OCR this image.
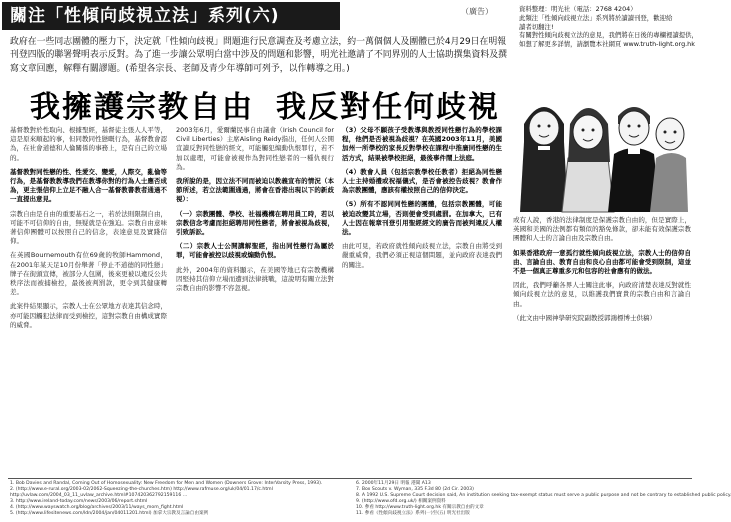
關注「性傾向歧視立法」系列(六)	（廣告）	資料整理：明光社（電話：2768 4204）
此類注「性傾向歧視立法」系列將於讀讀刊登，歡迎給
讀者切翻注!
有關對性傾向歧視立法的意見，我們將在日後的專欄裡讀提供，
如想了解更多詳情，請瀏覽本社網頁 www.truth-light.org.hk
政府在一些同志團體的壓力下，決定就「性傾向歧視」問題進行民意調查及考慮立法，約一萬個個人及團體已於4月29日在明報刊登四版的聯署聲明表示反對。為了進一步讓公眾明白當中涉及的問題和影響，明光社邀請了不同界別的人士協助撰集資料及撰寫文章回應，解釋有關謬題。(希望各宗長、老師及青少年導師可列予，以作轉導之用。)
我擁護宗教自由 我反對任何歧視

基督教對於性取向、根據聖經，基督徒主張人人平等，這是原來順起的事，但同教同性戀嘅行為，基督教會認為，在社會道德和人倫關係的事務上，是有自己的立場的。

基督教對同性戀的性、性愛交、變愛，人際交，亂倫等行為，是基督教教導我們在教導你對的行為人士應否成為，更主張信仰上立足不融人合一基督教書教者通過不一直提出意見。

宗教自由是自由的重要基石之一，若於法則限制自由，可能不可信仰的自由，無疑就是在強迫。宗教自由意味著信仰團體可以按照自己的信念，表達意見及實踐信仰。

在英國Bournemouth有位69歲的牧師Hammond，在2001年某天足10月份舉著「停止不道德的同性戀」牌子在街頭宣傳，被部分人包圍，後來更被以違反公共秩序法而被捕檢控，最後被判罰款，更令到其健康轉差。

此案件結果顯示，宗教人士在公眾地方表達其信念時，亦可能因觸犯法律而受到檢控，這對宗教自由構成實際的威脅。

2003年6月，愛爾蘭民事自由議會（Irish Council for Civil Liberties）主席Aisling Reidy指出，任何人公開宣讀反對同性戀的經文，可能觸犯煽動仇恨罪行，若不加以處理，可能會被視作為對同性戀者的一種仇視行為。

我所說的是，因立法不同而被迫以教義宣布的情況（本節所述，若立法範圍通過，將會在香港出現以下的新歧視）：

（一）宗教團體、學校、社福機構在聘用員工時，若以宗教信念考慮而拒絕聘用同性戀者，將會被視為歧視，引致訴訟。

（二）宗教人士公開講解聖經，指出同性戀行為屬於罪，可能會被控以歧視或煽動仇恨。

此外，2004年的資料顯示，在美國等地已有宗教機構因堅持其信仰立場而遭到法律挑戰，這說明有關立法對宗教自由的影響不容忽視。

（3）父母不願孩子受教導與教授同性戀行為的學校課程，他們是否被視為歧視？在英國2003年11月，美國加州一所學校的家長反對學校在課程中推廣同性戀的生活方式，結果被學校拒絕，最後事件鬧上法庭。

（4）教會人員（包括宗教學校任教者）拒絕為同性戀人士主持婚禮或祝福儀式，是否會被控告歧視？教會作為宗教團體，應該有權按照自己的信仰決定。

（5）所有不認同同性戀的團體，包括宗教團體，可能被迫改變其立場，否則便會受到處罰。在加拿大，已有人士因在報章刊登引用聖經經文的廣告而被判違反人權法。

由此可見，若政府就性傾向歧視立法，宗教自由將受到嚴重威脅，我們必須正視這個問題，並向政府表達我們的關注。

或有人說，香港的法律制度是保護宗教自由的，但是實際上，英國和美國的法例都有類似的豁免條款，卻未能有效保護宗教團體和人士的言論自由及宗教自由。

如果香港政府一意孤行就性傾向歧視立法，宗教人士的信仰自由、言論自由、教育自由和良心自由都可能會受到限制，這並不是一個真正尊重多元和包容的社會應有的做法。

因此，我們呼籲各界人士關注此事，向政府清楚表達反對就性傾向歧視立法的意見，以維護我們寶貴的宗教自由和言論自由。

（此文由中國神學研究院副教授郭鴻標博士供稿）

1. Bob Davies and Randal, Coming Out of Homosexuality: New Freedom for Men and Women (Downers Grove: InterVarsity Press, 1993).
2. (http://www.e-rural.org/2003-02/2062-Squeezing-the-churches.htm) http://www.rafmuse.org/uk/04/01.17/c.html
http://uvlaw.com/2004_03_11_uvlaw_archive.html#107420362792159116 …
3. http://www.ireland-today.com/news/2003/06/report.shtml
4. (http://www.wayswatch.org/blog/archives/2003/11/ways_mom_fight.html
5. (http://www.lifesitenews.com/ldn/2004/jan/04011201.html) 加拿大宗教及言論自由案例
6. 2000年11月29日 明報 港聞 A13
7. Box Scouts v. Wyman, 335 F.3d 80 (2d Cir. 2003)
8. A 1992 U.S. Supreme Court decision said, An institution seeking tax-exempt status must serve a public purpose and not be contrary to established public policy.
9. (http://www.ofd.org.uk/) 相關案例資料
10. 參看 http://www.truth-light.org.hk 有關宗教自由的文章
11. 參看《性傾向歧視立法》系列(一)至(五) 明光社出版
